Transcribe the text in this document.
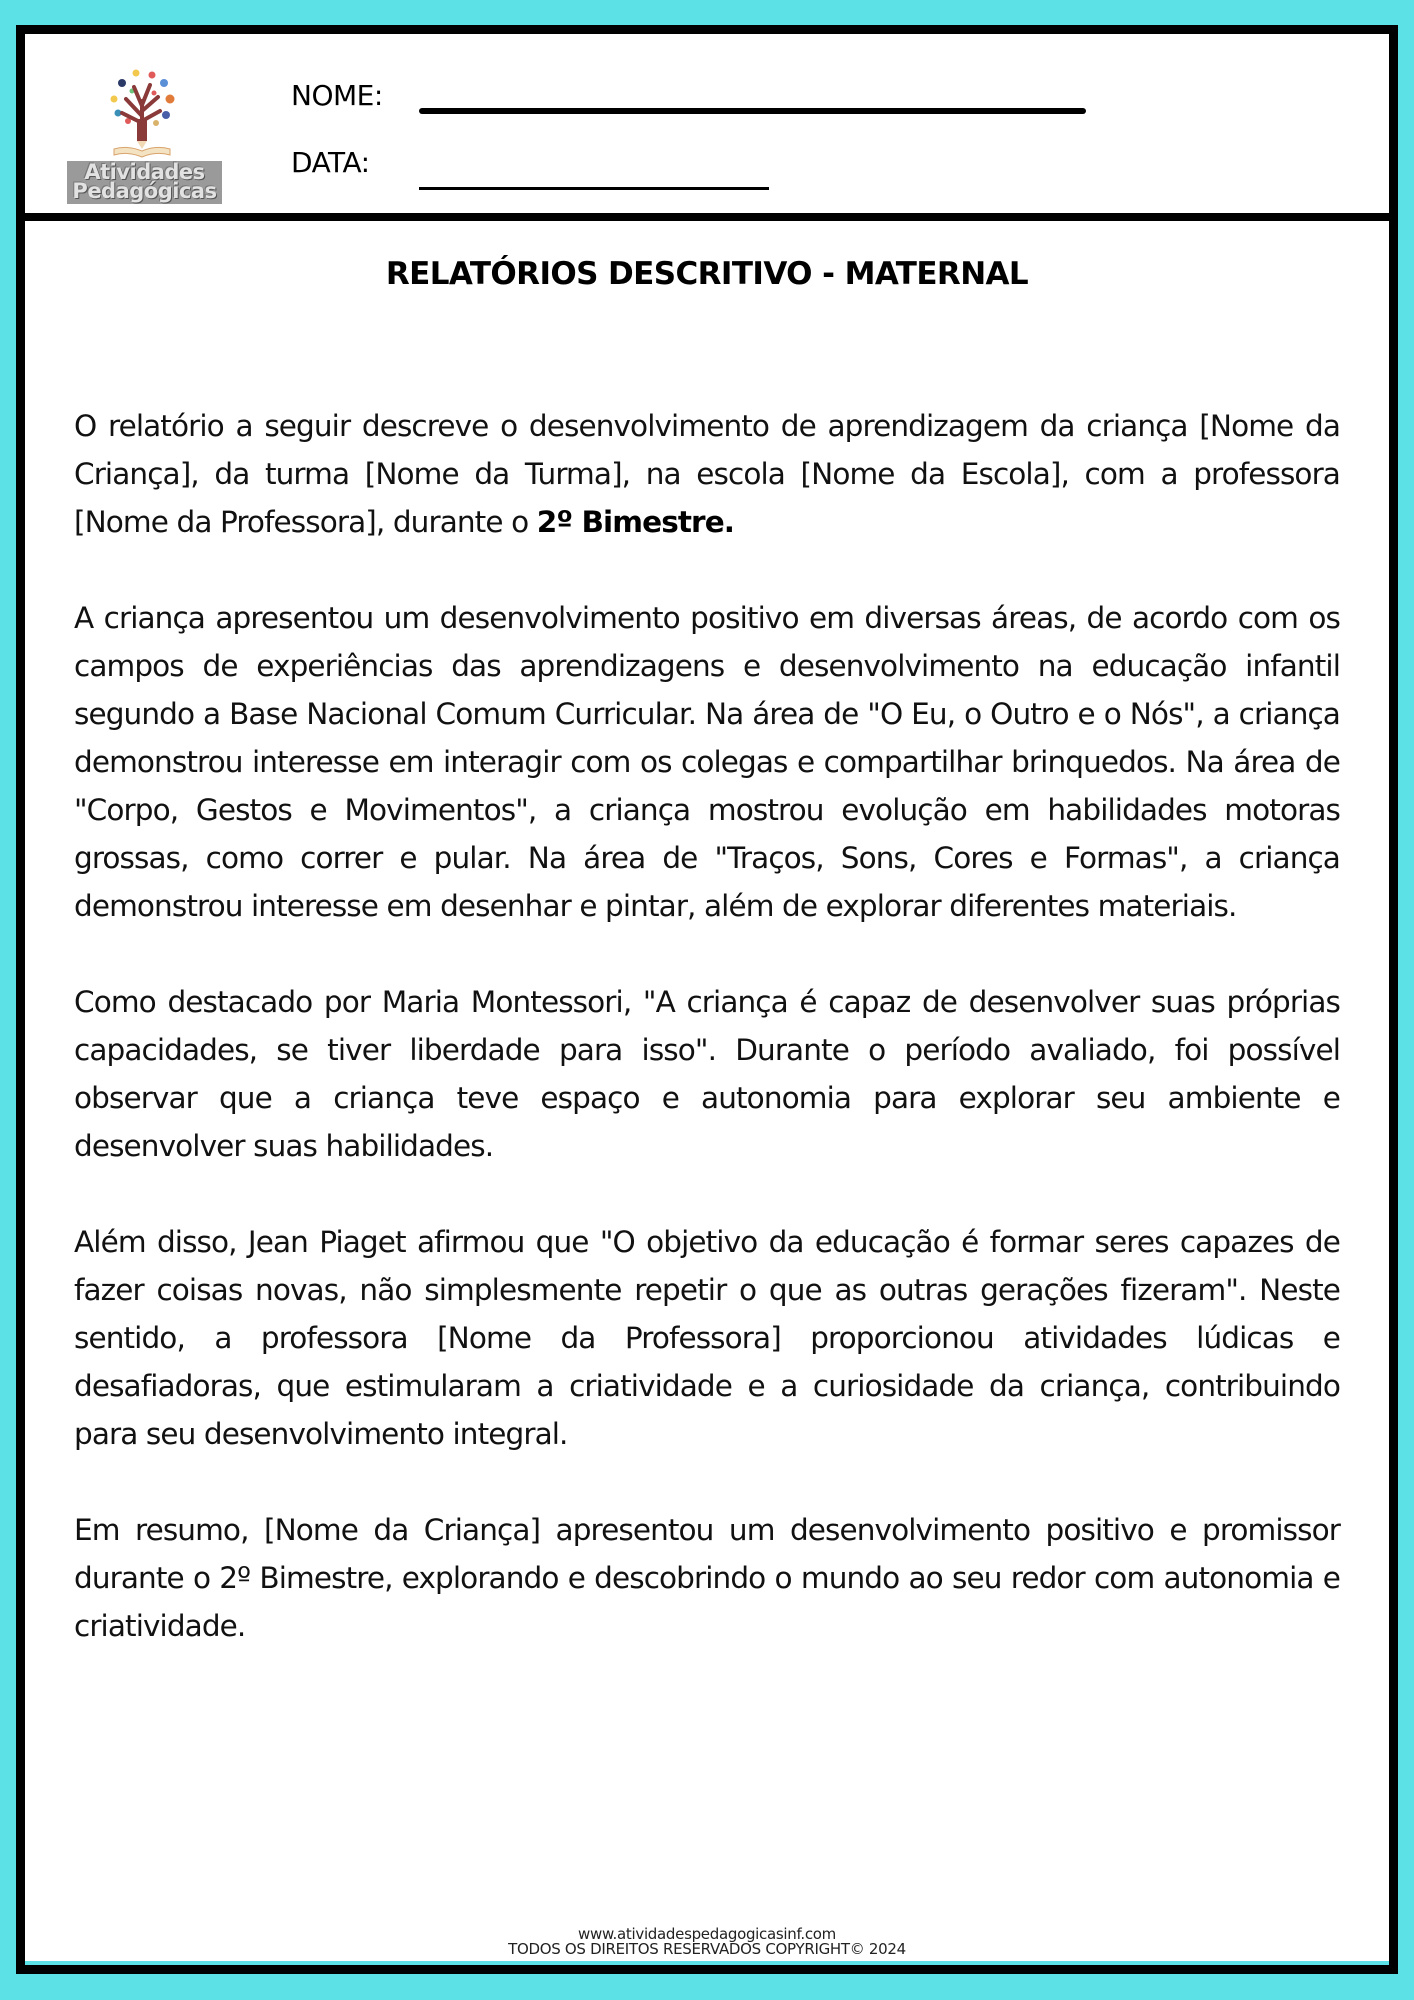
Atividades
Pedagógicas
NOME:
DATA:
RELATÓRIOS DESCRITIVO - MATERNAL

O relatório a seguir descreve o desenvolvimento de aprendizagem da criança [Nome da Criança], da turma [Nome da Turma], na escola [Nome da Escola], com a professora [Nome da Professora], durante o 2º Bimestre.

A criança apresentou um desenvolvimento positivo em diversas áreas, de acordo com os campos de experiências das aprendizagens e desenvolvimento na educação infantil segundo a Base Nacional Comum Curricular. Na área de "O Eu, o Outro e o Nós", a criança demonstrou interesse em interagir com os colegas e compartilhar brinquedos. Na área de "Corpo, Gestos e Movimentos", a criança mostrou evolução em habilidades motoras grossas, como correr e pular. Na área de "Traços, Sons, Cores e Formas", a criança demonstrou interesse em desenhar e pintar, além de explorar diferentes materiais.

Como destacado por Maria Montessori, "A criança é capaz de desenvolver suas próprias capacidades, se tiver liberdade para isso". Durante o período avaliado, foi possível observar que a criança teve espaço e autonomia para explorar seu ambiente e desenvolver suas habilidades.

Além disso, Jean Piaget afirmou que "O objetivo da educação é formar seres capazes de fazer coisas novas, não simplesmente repetir o que as outras gerações fizeram". Neste sentido, a professora [Nome da Professora] proporcionou atividades lúdicas e desafiadoras, que estimularam a criatividade e a curiosidade da criança, contribuindo para seu desenvolvimento integral.

Em resumo, [Nome da Criança] apresentou um desenvolvimento positivo e promissor durante o 2º Bimestre, explorando e descobrindo o mundo ao seu redor com autonomia e criatividade.

www.atividadespedagogicasinf.com
TODOS OS DIREITOS RESERVADOS COPYRIGHT© 2024
